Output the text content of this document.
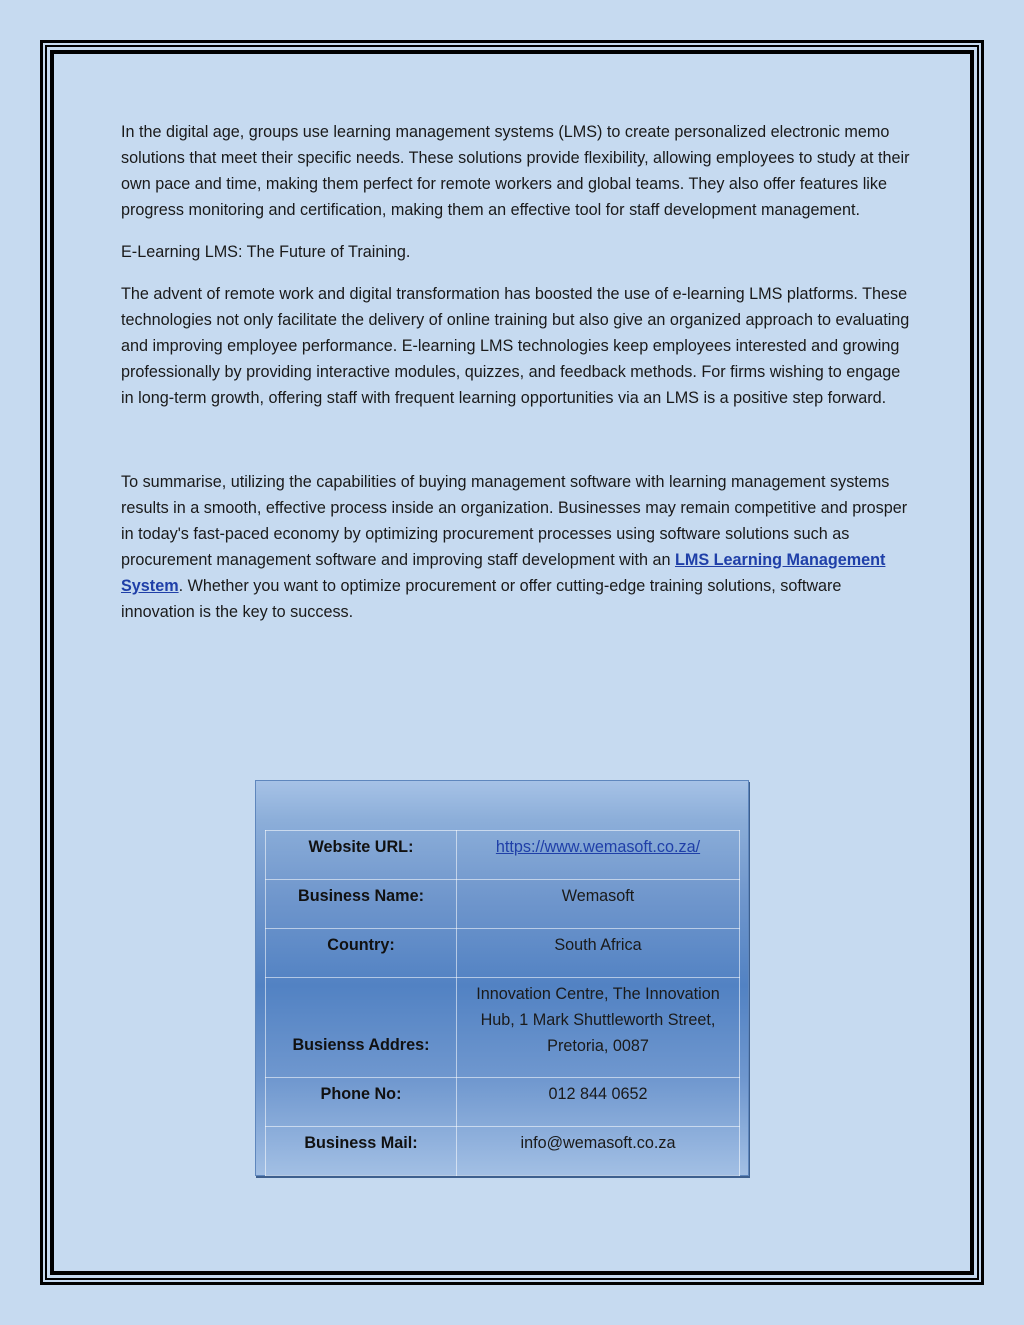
In the digital age, groups use learning management systems (LMS) to create personalized electronic memo solutions that meet their specific needs. These solutions provide flexibility, allowing employees to study at their own pace and time, making them perfect for remote workers and global teams. They also offer features like progress monitoring and certification, making them an effective tool for staff development management.

E-Learning LMS: The Future of Training.

The advent of remote work and digital transformation has boosted the use of e-learning LMS platforms. These technologies not only facilitate the delivery of online training but also give an organized approach to evaluating and improving employee performance. E-learning LMS technologies keep employees interested and growing professionally by providing interactive modules, quizzes, and feedback methods. For firms wishing to engage in long-term growth, offering staff with frequent learning opportunities via an LMS is a positive step forward.

To summarise, utilizing the capabilities of buying management software with learning management systems results in a smooth, effective process inside an organization. Businesses may remain competitive and prosper in today's fast-paced economy by optimizing procurement processes using software solutions such as procurement management software and improving staff development with an LMS Learning Management System. Whether you want to optimize procurement or offer cutting-edge training solutions, software innovation is the key to success.

Website URL:	https://www.wemasoft.co.za/
Business Name:	Wemasoft
Country:	South Africa
Busienss Addres:	Innovation Centre, The Innovation Hub, 1 Mark Shuttleworth Street, Pretoria, 0087
Phone No:	012 844 0652
Business Mail:	info@wemasoft.co.za
